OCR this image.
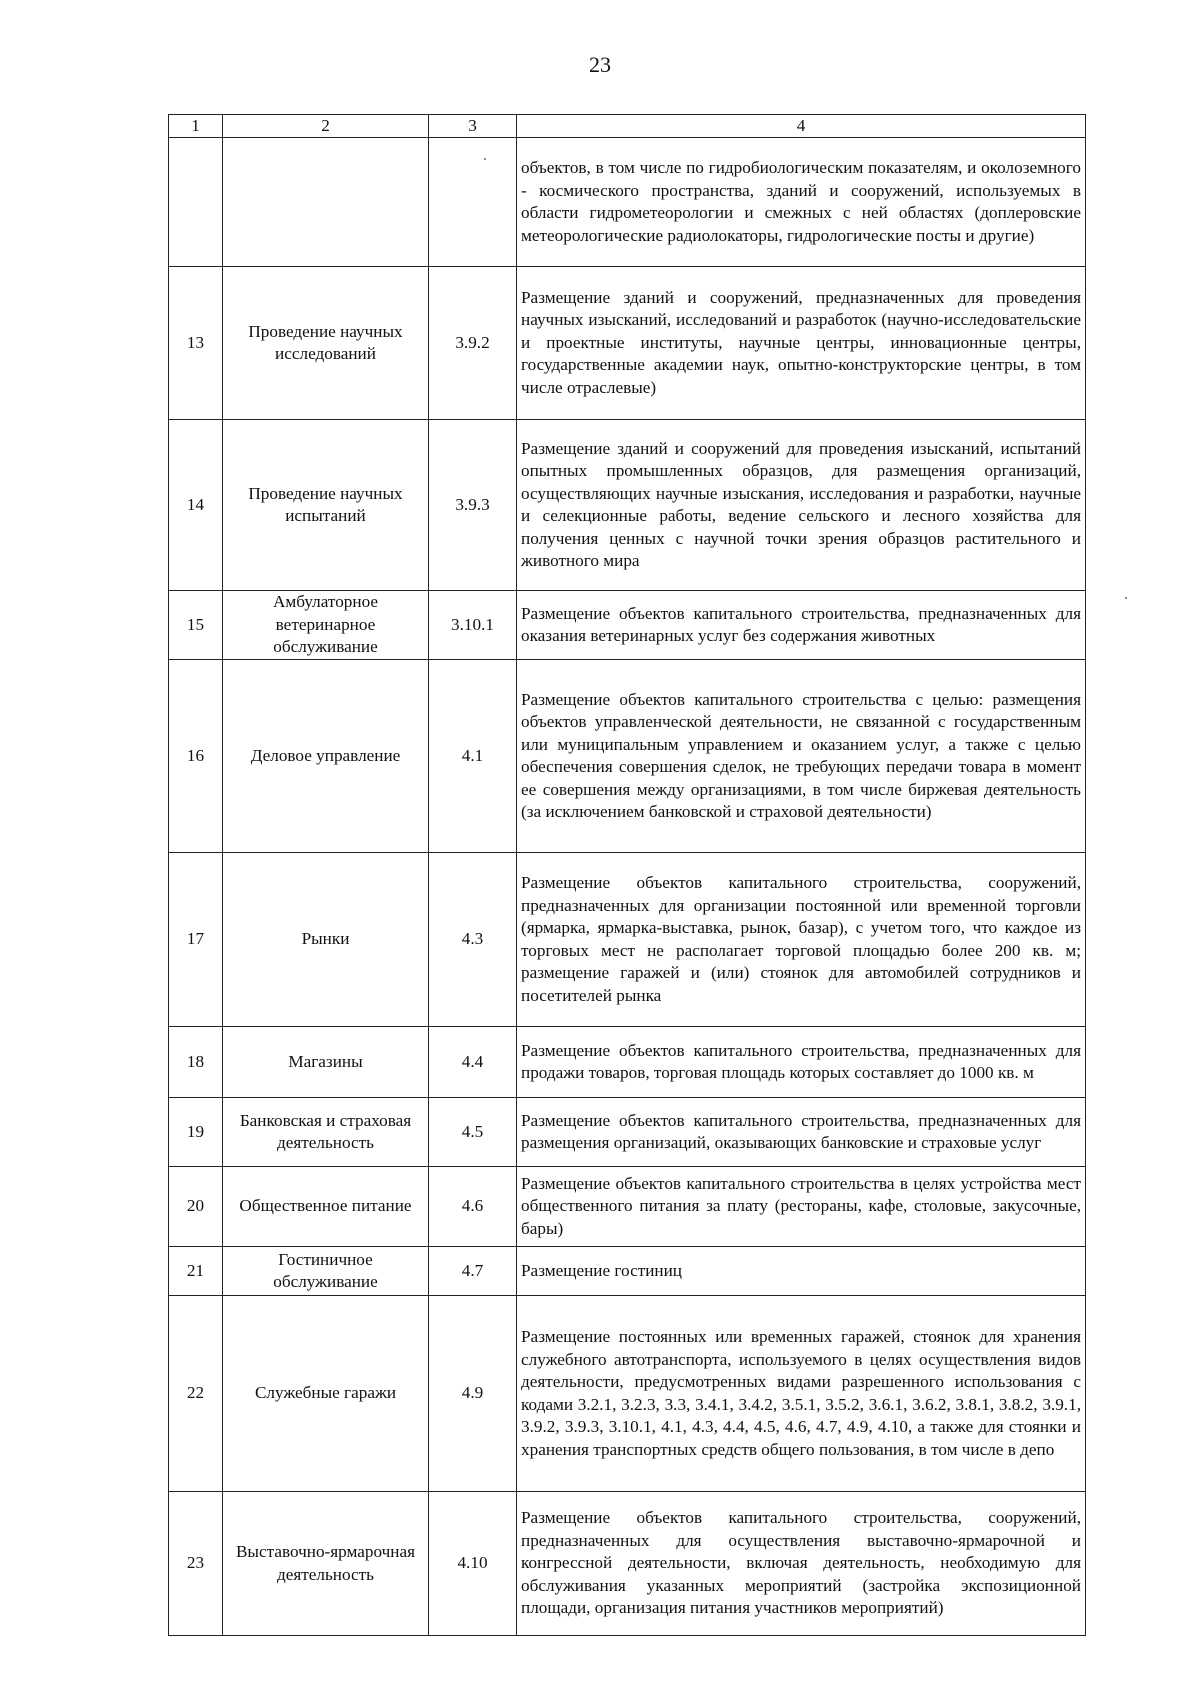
23
1	2	3	4
			объектов, в том числе по гидробиологическим показателям, и околоземного - космического пространства, зданий и сооружений, используемых в области гидрометеорологии и смежных с ней областях (доплеровские метеорологические радиолокаторы, гидрологические посты и другие)
13	Проведение научных исследований	3.9.2	Размещение зданий и сооружений, предназначенных для проведения научных изысканий, исследований и разработок (научно-исследовательские и проектные институты, научные центры, инновационные центры, государственные академии наук, опытно-конструкторские центры, в том числе отраслевые)
14	Проведение научных испытаний	3.9.3	Размещение зданий и сооружений для проведения изысканий, испытаний опытных промышленных образцов, для размещения организаций, осуществляющих научные изыскания, исследования и разработки, научные и селекционные работы, ведение сельского и лесного хозяйства для получения ценных с научной точки зрения образцов растительного и животного мира
15	Амбулаторное ветеринарное обслуживание	3.10.1	Размещение объектов капитального строительства, предназначенных для оказания ветеринарных услуг без содержания животных
16	Деловое управление	4.1	Размещение объектов капитального строительства с целью: размещения объектов управленческой деятельности, не связанной с государственным или муниципальным управлением и оказанием услуг, а также с целью обеспечения совершения сделок, не требующих передачи товара в момент ее совершения между организациями, в том числе биржевая деятельность (за исключением банковской и страховой деятельности)
17	Рынки	4.3	Размещение объектов капитального строительства, сооружений, предназначенных для организации постоянной или временной торговли (ярмарка, ярмарка-выставка, рынок, базар), с учетом того, что каждое из торговых мест не располагает торговой площадью более 200 кв. м; размещение гаражей и (или) стоянок для автомобилей сотрудников и посетителей рынка
18	Магазины	4.4	Размещение объектов капитального строительства, предназначенных для продажи товаров, торговая площадь которых составляет до 1000 кв. м
19	Банковская и страховая деятельность	4.5	Размещение объектов капитального строительства, предназначенных для размещения организаций, оказывающих банковские и страховые услуг
20	Общественное питание	4.6	Размещение объектов капитального строительства в целях устройства мест общественного питания за плату (рестораны, кафе, столовые, закусочные, бары)
21	Гостиничное обслуживание	4.7	Размещение гостиниц
22	Служебные гаражи	4.9	Размещение постоянных или временных гаражей, стоянок для хранения служебного автотранспорта, используемого в целях осуществления видов деятельности, предусмотренных видами разрешенного использования с кодами 3.2.1, 3.2.3, 3.3, 3.4.1, 3.4.2, 3.5.1, 3.5.2, 3.6.1, 3.6.2, 3.8.1, 3.8.2, 3.9.1, 3.9.2, 3.9.3, 3.10.1, 4.1, 4.3, 4.4, 4.5, 4.6, 4.7, 4.9, 4.10, а также для стоянки и хранения транспортных средств общего пользования, в том числе в депо
23	Выставочно-ярмарочная деятельность	4.10	Размещение объектов капитального строительства, сооружений, предназначенных для осуществления выставочно-ярмарочной и конгрессной деятельности, включая деятельность, необходимую для обслуживания указанных мероприятий (застройка экспозиционной площади, организация питания участников мероприятий)
